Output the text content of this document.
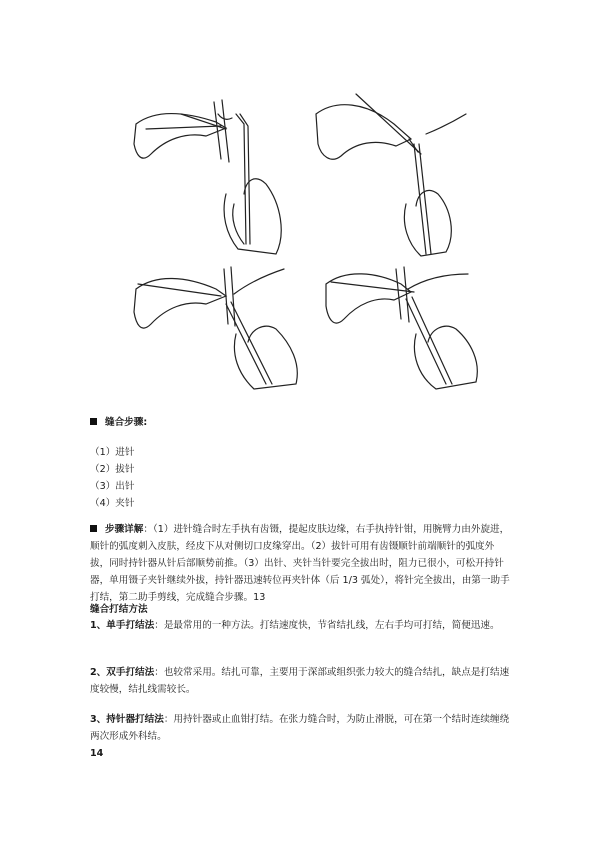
缝合步骤:
（1）进针
（2）拔针
（3）出针
（4）夹针
步骤详解：（1）进针缝合时左手执有齿镊，提起皮肤边缘，右手执持针钳，用腕臂力由外旋进，顺针的弧度刺入皮肤，经皮下从对侧切口皮缘穿出。（2）拔针可用有齿镊顺针前端顺针的弧度外拔，同时持针器从针后部顺势前推。（3）出针、夹针当针要完全拔出时，阻力已很小，可松开持针器，单用镊子夹针继续外拔，持针器迅速转位再夹针体（后 1/3 弧处），将针完全拔出，由第一助手打结，第二助手剪线，完成缝合步骤。13
缝合打结方法
1、单手打结法：是最常用的一种方法。打结速度快，节省结扎线，左右手均可打结，简便迅速。
2、双手打结法：也较常采用。结扎可靠，主要用于深部或组织张力较大的缝合结扎，缺点是打结速度较慢，结扎线需较长。
3、持针器打结法：用持针器或止血钳打结。在张力缝合时，为防止滑脱，可在第一个结时连续缠绕两次形成外科结。
14
